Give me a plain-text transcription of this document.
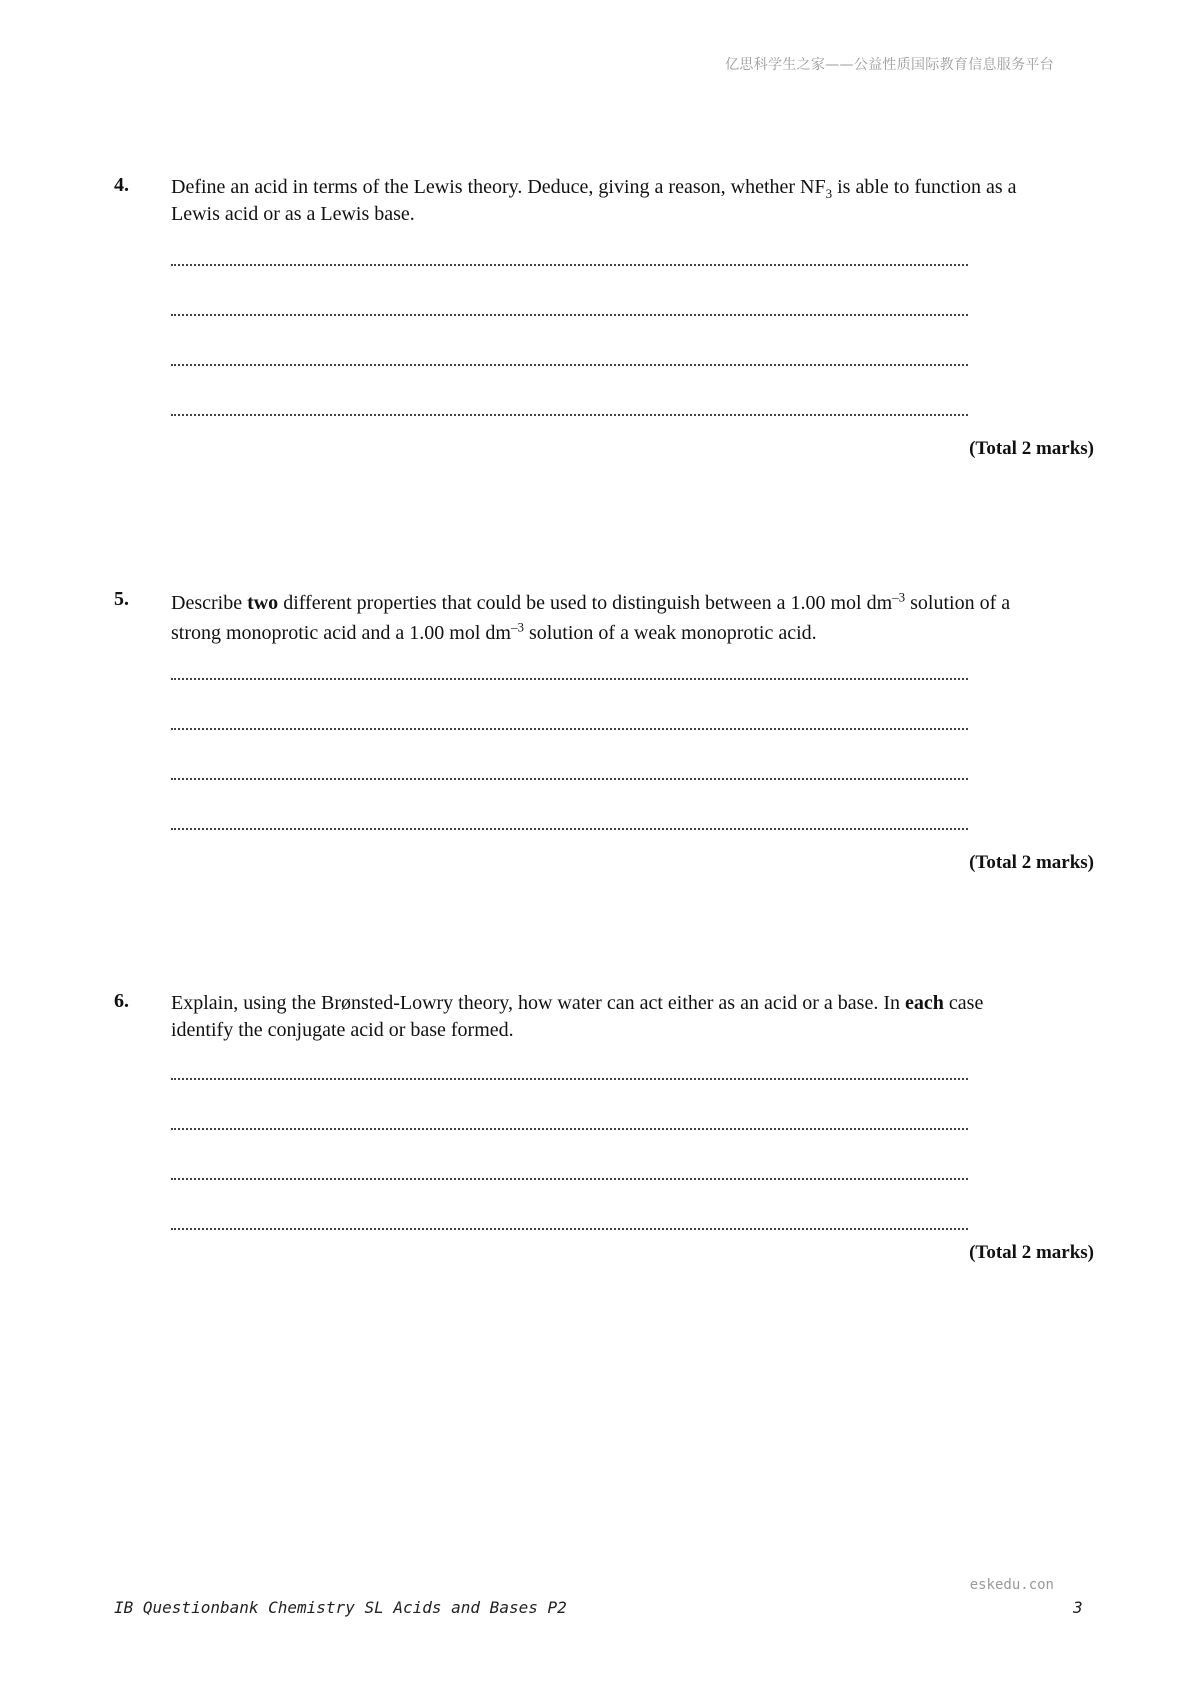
亿思科学生之家——公益性质国际教育信息服务平台
4. Define an acid in terms of the Lewis theory. Deduce, giving a reason, whether $NF_3$ is able to function as a Lewis acid or as a Lewis base.
(Total 2 marks)
5. Describe two different properties that could be used to distinguish between a 1.00 mol $dm^{-3}$ solution of a strong monoprotic acid and a 1.00 mol $dm^{-3}$ solution of a weak monoprotic acid.
(Total 2 marks)
6. Explain, using the Brønsted-Lowry theory, how water can act either as an acid or a base. In each case identify the conjugate acid or base formed.
(Total 2 marks)
eskedu.con
IB Questionbank Chemistry SL Acids and Bases P2	3
